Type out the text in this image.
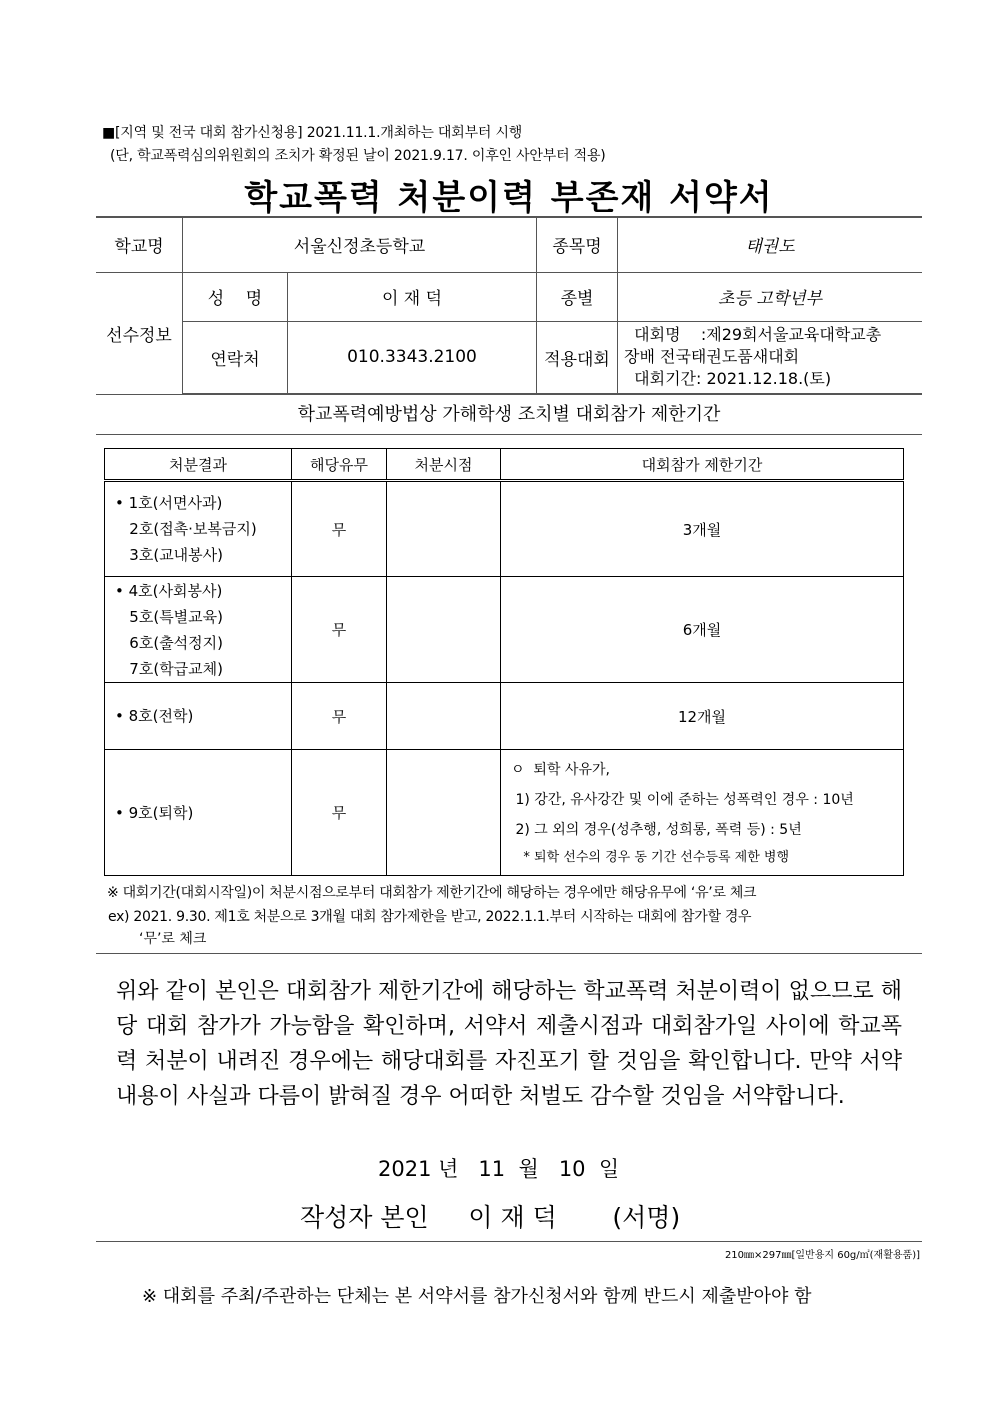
■[지역 및 전국 대회 참가신청용] 2021.11.1.개최하는 대회부터 시행
(단, 학교폭력심의위원회의 조치가 확정된 날이 2021.9.17. 이후인 사안부터 적용)
학교폭력 처분이력 부존재 서약서
학교명	서울신정초등학교		종목명	태권도
선수정보	성    명	이 재 덕	종별	초등 고학년부
	연락처	010.3343.2100	적용대회	대회명    :제29회서울교육대학교총
장배 전국태권도품새대회
대회기간: 2021.12.18.(토)
학교폭력예방법상 가해학생 조치별 대회참가 제한기간
처분결과	해당유무	처분시점	대회참가 제한기간

• 1호(서면사과)
2호(접촉·보복금지)
3호(교내봉사)	무		3개월

• 4호(사회봉사)
5호(특별교육)
6호(출석정지)
7호(학급교체)	무		6개월

• 8호(전학)	무		12개월

• 9호(퇴학)	무		ㅇ  퇴학 사유가,
1) 강간, 유사강간 및 이에 준하는 성폭력인 경우 : 10년
2) 그 외의 경우(성추행, 성희롱, 폭력 등) : 5년
* 퇴학 선수의 경우 동 기간 선수등록 제한 병행
※ 대회기간(대회시작일)이 처분시점으로부터 대회참가 제한기간에 해당하는 경우에만 해당유무에 ‘유’로 체크
ex) 2021. 9.30. 제1호 처분으로 3개월 대회 참가제한을 받고, 2022.1.1.부터 시작하는 대회에 참가할 경우
‘무’로 체크
위와 같이 본인은 대회참가 제한기간에 해당하는 학교폭력 처분이력이 없으므로 해당 대회 참가가 가능함을 확인하며, 서약서 제출시점과 대회참가일 사이에 학교폭력 처분이 내려진 경우에는 해당대회를 자진포기 할 것임을 확인합니다. 만약 서약내용이 사실과 다름이 밝혀질 경우 어떠한 처벌도 감수할 것임을 서약합니다.
2021 년   11  월   10  일
작성자 본인     이 재 덕       (서명)
210㎜×297㎜[일반용지 60g/㎡(재활용품)]
※ 대회를 주최/주관하는 단체는 본 서약서를 참가신청서와 함께 반드시 제출받아야 함
